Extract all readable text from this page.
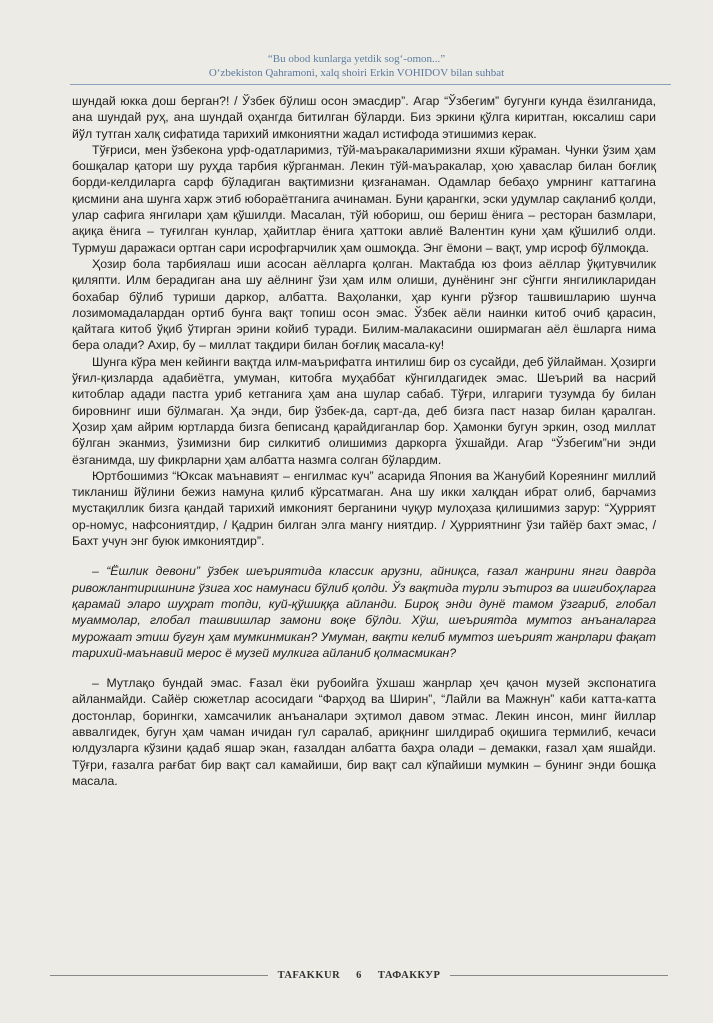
“Bu obod kunlarga yetdik sog‘-omon...”
O‘zbekiston Qahramoni, xalq shoiri Erkin VOHIDOV bilan suhbat

шундай юкка дош берган?! / Ўзбек бўлиш осон эмасдир”. Агар “Ўзбегим” бугунги кунда ёзилганида, ана шундай руҳ, ана шундай оҳангда битилган бўларди. Биз эркини қўлга киритган, юксалиш сари йўл тутган халқ сифатида тарихий имкониятни жадал истифода этишимиз керак.

Тўғриси, мен ўзбекона урф-одатларимиз, тўй-маъракаларимизни яхши кўраман. Чунки ўзим ҳам бошқалар қатори шу руҳда тарбия кўрганман. Лекин тўй-маъракалар, ҳою ҳавaслар билан боғлиқ борди-келдиларга сарф бўладиган вақтимизни қизғанаман. Одамлар бебаҳо умрнинг каттагина қисмини ана шунга харж этиб юбораётганига ачинаман. Буни қарангки, эски удумлар сақланиб қолди, улар сафига янгилари ҳам қўшилди. Масалан, тўй юбориш, ош бериш ёнига – ресторан базмлари, ақиқа ёнига – туғилган кунлар, ҳайитлар ёнига ҳаттоки авлиё Валентин куни ҳам қўшилиб олди. Турмуш даражаси ортган сари исрофгарчилик ҳам ошмоқда. Энг ёмони – вақт, умр исроф бўлмоқда.

Ҳозир бола тарбиялаш иши асосан аёлларга қолган. Мактабда юз фоиз аёллар ўқитувчилик қиляпти. Илм берадиган ана шу аёлнинг ўзи ҳам илм олиши, дунёнинг энг сўнгги янгиликларидан бохабар бўлиб туриши даркор, албатта. Ваҳоланки, ҳар кунги рўзғор ташвишларию шунча лозимомадалардан ортиб бунга вақт топиш осон эмас. Ўзбек аёли наинки китоб очиб қарасин, қайтага китоб ўқиб ўтирган эрини койиб туради. Билим-малакасини оширмаган аёл ёшларга нима бера олади? Ахир, бу – миллат тақдири билан боғлиқ масала-ку!

Шунга кўра мен кейинги вақтда илм-маърифатга интилиш бир оз сусайди, деб ўйлайман. Ҳозирги ўғил-қизларда адабиётга, умуман, китобга муҳаббат кўнгилдагидек эмас. Шеърий ва насрий китоблар адади пастга уриб кетганига ҳам ана шулар сабаб. Тўғри, илгариги тузумда бу билан бировнинг иши бўлмаган. Ҳа энди, бир ўзбек-да, сарт-да, деб бизга паст назар билан қаралган. Ҳозир ҳам айрим юртларда бизга беписанд қарайдиганлар бор. Ҳамонки бугун эркин, озод миллат бўлган эканмиз, ўзимизни бир силкитиб олишимиз даркорга ўхшайди. Агар “Ўзбегим”ни энди ёзганимда, шу фикрларни ҳам албатта назмга солган бўлардим.

Юртбошимиз “Юксак маънавият – енгилмас куч” асарида Япония ва Жанубий Кореянинг миллий тикланиш йўлини бежиз намуна қилиб кўрсатмаган. Ана шу икки халқдан ибрат олиб, барчамиз мустақиллик бизга қандай тарихий имконият берганини чуқур мулоҳаза қилишимиз зарур: “Ҳуррият ор-номус, нафсониятдир, / Қадрин билган элга мангу ниятдир. / Ҳурриятнинг ўзи тайёр бахт эмас, / Бахт учун энг буюк имкониятдир”.

– “Ёшлик девони” ўзбек шеъриятида классик арузни, айниқса, ғазал жанрини янги даврда ривожлантиришнинг ўзига хос намунаси бўлиб қолди. Ўз вақтида турли эътироз ва ишгибоҳларга қарамай элаpo шуҳрат топди, куй-қўшиққа айланди. Бироқ энди дунё тамом ўзгариб, глобал муаммолар, глобал ташвишлар замони воқе бўлди. Хўш, шеъриятда мумтоз анъаналарга мурожаат этиш бугун ҳам мумкинмикан? Умуман, вақти келиб мумтоз шеърият жанрлари фақат тарихий-маънавий мерос ё музей мулкига айланиб қолмасмикан?

– Мутлақо бундай эмас. Ғазал ёки рубоийга ўхшаш жанрлар ҳеч қачон музей экспонатига айланмайди. Сайёр сюжетлар асосидаги “Фарҳод ва Ширин”, “Лайли ва Мажнун” каби катта-катта достонлар, борингки, хамсачилик анъаналари эҳтимол давом этмас. Лекин инсон, минг йиллар аввалгидек, бугун ҳам чаман ичидан гул саралаб, ариқнинг шилдираб оқишига термилиб, кечаси юлдузларга кўзини қадаб яшар экан, ғазалдан албатта баҳра олади – демакки, ғазал ҳам яшайди. Тўғри, ғазалга рағбат бир вақт сал камайиши, бир вақт сал кўпайиши мумкин – бунинг энди бошқа масала.

TAFAKKUR	6	ТАФАККУР
